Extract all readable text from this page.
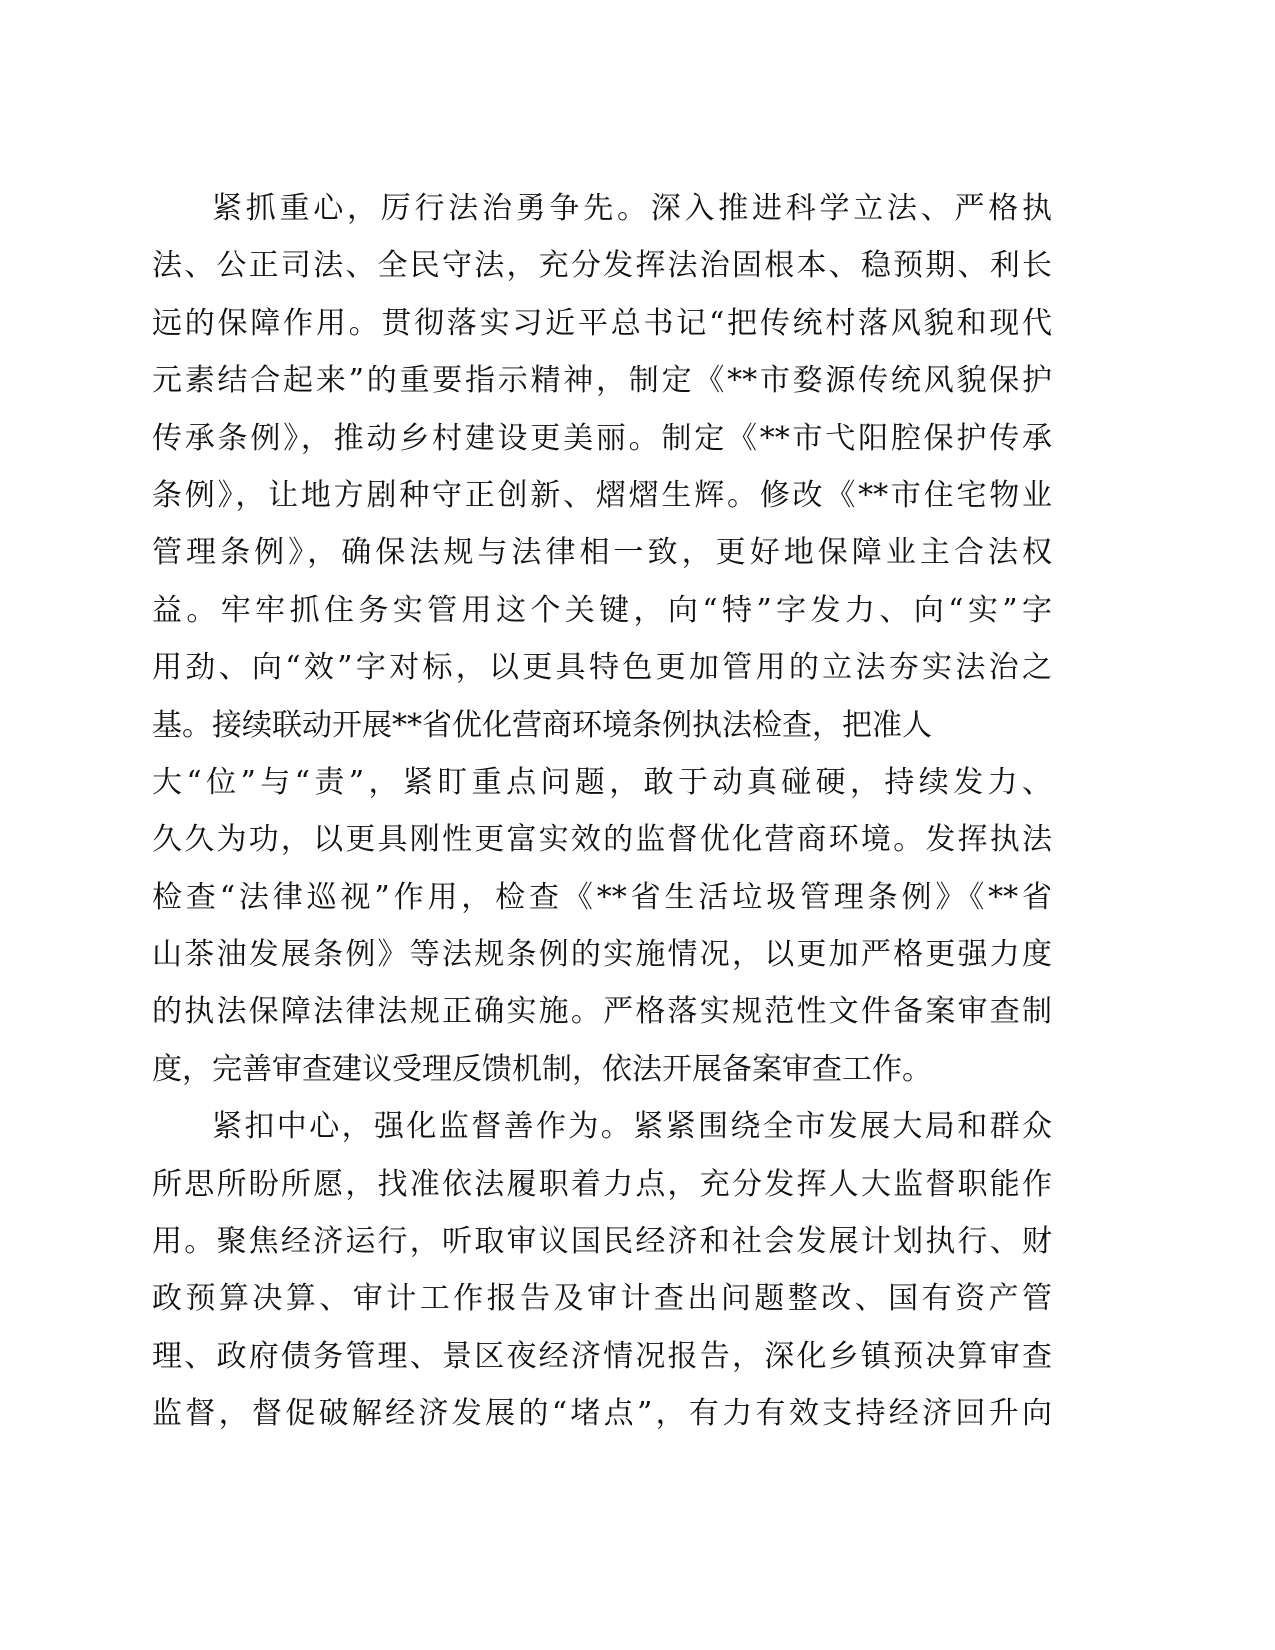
紧抓重心，厉行法治勇争先。深入推进科学立法、严格执
法、公正司法、全民守法，充分发挥法治固根本、稳预期、利长
远的保障作用。贯彻落实习近平总书记“把传统村落风貌和现代
元素结合起来”的重要指示精神，制定《**市婺源传统风貌保护
传承条例》，推动乡村建设更美丽。制定《**市弋阳腔保护传承
条例》，让地方剧种守正创新、熠熠生辉。修改《**市住宅物业
管理条例》，确保法规与法律相一致，更好地保障业主合法权
益。牢牢抓住务实管用这个关键，向“特”字发力、向“实”字
用劲、向“效”字对标，以更具特色更加管用的立法夯实法治之
基。接续联动开展**省优化营商环境条例执法检查，把准人
大“位”与“责”，紧盯重点问题，敢于动真碰硬，持续发力、
久久为功，以更具刚性更富实效的监督优化营商环境。发挥执法
检查“法律巡视”作用，检查《**省生活垃圾管理条例》《**省
山茶油发展条例》等法规条例的实施情况，以更加严格更强力度
的执法保障法律法规正确实施。严格落实规范性文件备案审查制
度，完善审查建议受理反馈机制，依法开展备案审查工作。
紧扣中心，强化监督善作为。紧紧围绕全市发展大局和群众
所思所盼所愿，找准依法履职着力点，充分发挥人大监督职能作
用。聚焦经济运行，听取审议国民经济和社会发展计划执行、财
政预算决算、审计工作报告及审计查出问题整改、国有资产管
理、政府债务管理、景区夜经济情况报告，深化乡镇预决算审查
监督，督促破解经济发展的“堵点”，有力有效支持经济回升向
